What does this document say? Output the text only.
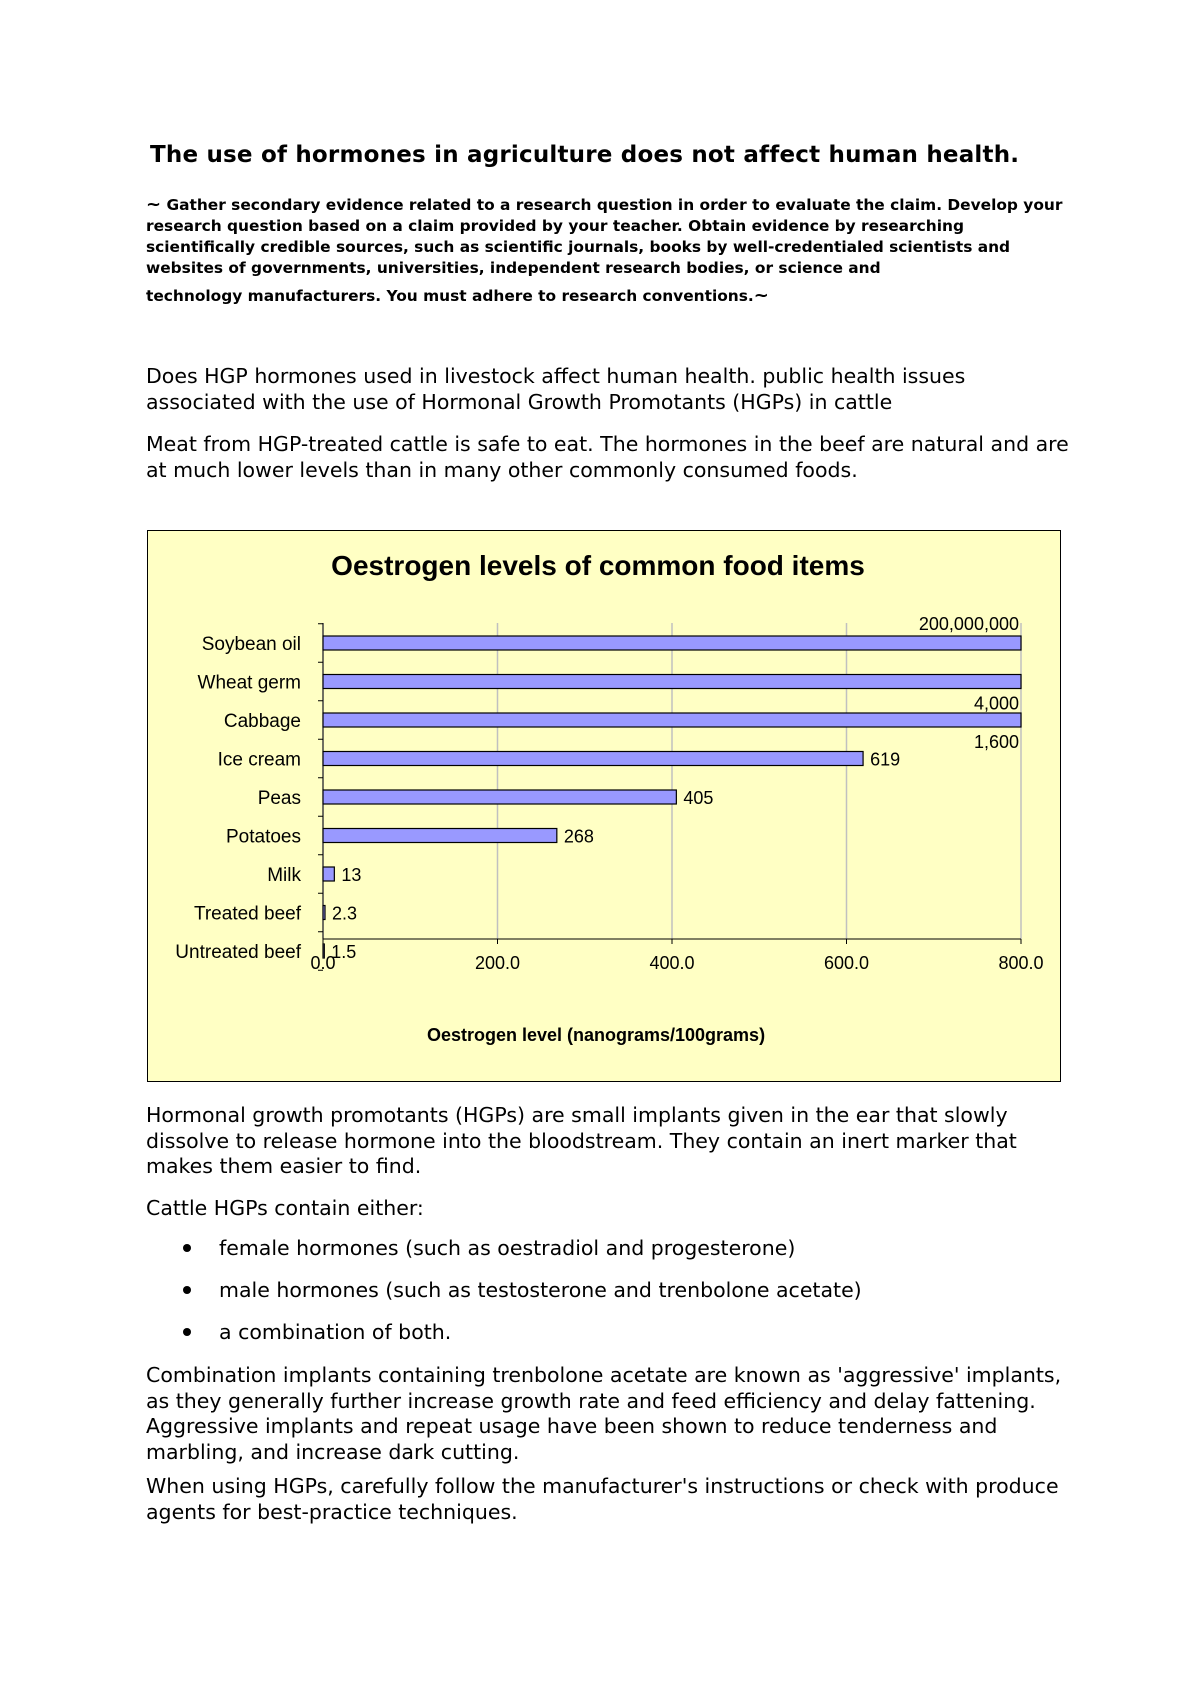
The use of hormones in agriculture does not affect human health.
~ Gather secondary evidence related to a research question in order to evaluate the claim. Develop your research question based on a claim provided by your teacher. Obtain evidence by researching scientifically credible sources, such as scientific journals, books by well-credentialed scientists and websites of governments, universities, independent research bodies, or science and
technology manufacturers. You must adhere to research conventions.~

Does HGP hormones used in livestock affect human health. public health issues associated with the use of Hormonal Growth Promotants (HGPs) in cattle

Meat from HGP-treated cattle is safe to eat. The hormones in the beef are natural and are at much lower levels than in many other commonly consumed foods.

Oestrogen levels of common food items
0.0	200.0	400.0	600.0	800.0
Soybean oil
200,000,000
Wheat germ
4,000
Cabbage
1,600
Ice cream	619
Peas	405
Potatoes	268
Milk 13
Treated beef 2.3
Untreated beef 1.5
Oestrogen level (nanograms/100grams)

Hormonal growth promotants (HGPs) are small implants given in the ear that slowly dissolve to release hormone into the bloodstream. They contain an inert marker that makes them easier to find.

Cattle HGPs contain either:

female hormones (such as oestradiol and progesterone)
male hormones (such as testosterone and trenbolone acetate)
a combination of both.

Combination implants containing trenbolone acetate are known as 'aggressive' implants, as they generally further increase growth rate and feed efficiency and delay fattening. Aggressive implants and repeat usage have been shown to reduce tenderness and marbling, and increase dark cutting.

When using HGPs, carefully follow the manufacturer's instructions or check with produce agents for best-practice techniques.
